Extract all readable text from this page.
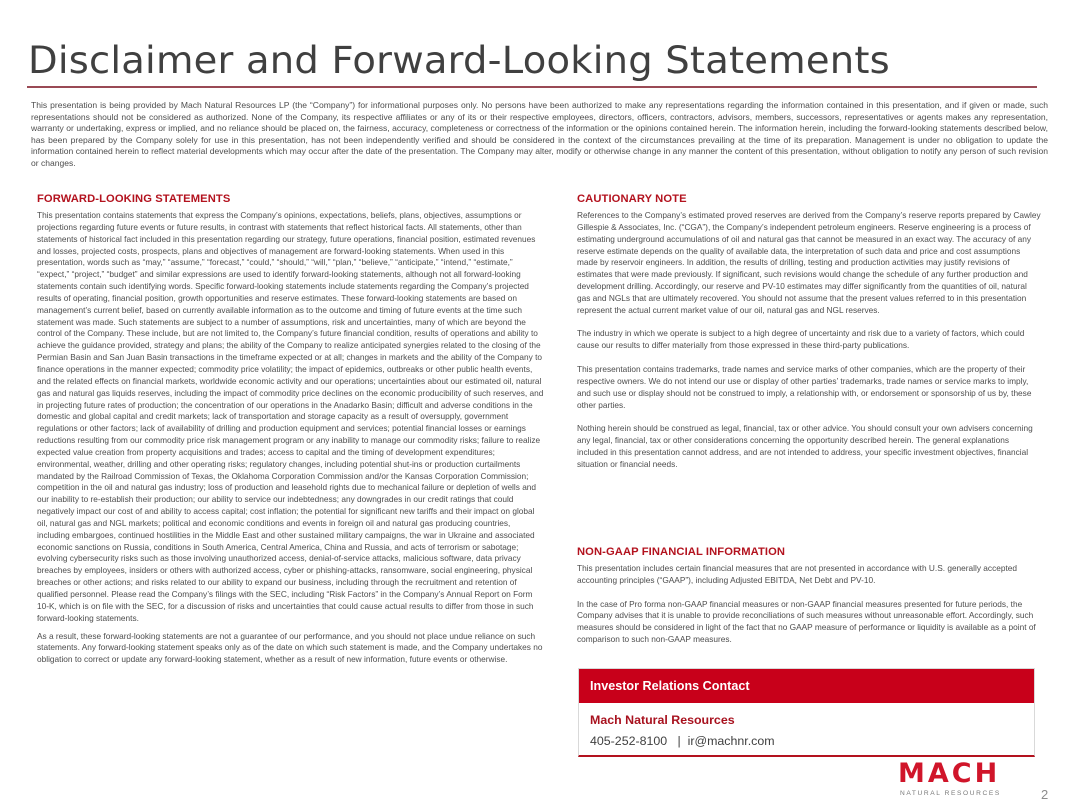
Disclaimer and Forward-Looking Statements

This presentation is being provided by Mach Natural Resources LP (the “Company”) for informational purposes only. No persons have been authorized to make any representations regarding the information contained in this presentation, and if given or made, such representations should not be considered as authorized. None of the Company, its respective affiliates or any of its or their respective employees, directors, officers, contractors, advisors, members, successors, representatives or agents makes any representation, warranty or undertaking, express or implied, and no reliance should be placed on, the fairness, accuracy, completeness or correctness of the information or the opinions contained herein. The information herein, including the forward-looking statements described below, has been prepared by the Company solely for use in this presentation, has not been independently verified and should be considered in the context of the circumstances prevailing at the time of its preparation. Management is under no obligation to update the information contained herein to reflect material developments which may occur after the date of the presentation. The Company may alter, modify or otherwise change in any manner the content of this presentation, without obligation to notify any person of such revision or changes.

FORWARD-LOOKING STATEMENTS

This presentation contains statements that express the Company’s opinions, expectations, beliefs, plans, objectives, assumptions or projections regarding future events or future results, in contrast with statements that reflect historical facts. All statements, other than statements of historical fact included in this presentation regarding our strategy, future operations, financial position, estimated revenues and losses, projected costs, prospects, plans and objectives of management are forward-looking statements. When used in this presentation, words such as “may,” “assume,” “forecast,” “could,” “should,” “will,” “plan,” “believe,” “anticipate,” “intend,” “estimate,” “expect,” “project,” “budget” and similar expressions are used to identify forward-looking statements, although not all forward-looking statements contain such identifying words. Specific forward-looking statements include statements regarding the Company’s projected results of operating, financial position, growth opportunities and reserve estimates. These forward-looking statements are based on management’s current belief, based on currently available information as to the outcome and timing of future events at the time such statement was made. Such statements are subject to a number of assumptions, risk and uncertainties, many of which are beyond the control of the Company. These include, but are not limited to, the Company’s future financial condition, results of operations and ability to achieve the guidance provided, strategy and plans; the ability of the Company to realize anticipated synergies related to the closing of the Permian Basin and San Juan Basin transactions in the timeframe expected or at all; changes in markets and the ability of the Company to finance operations in the manner expected; commodity price volatility; the impact of epidemics, outbreaks or other public health events, and the related effects on financial markets, worldwide economic activity and our operations; uncertainties about our estimated oil, natural gas and natural gas liquids reserves, including the impact of commodity price declines on the economic producibility of such reserves, and in projecting future rates of production; the concentration of our operations in the Anadarko Basin; difficult and adverse conditions in the domestic and global capital and credit markets; lack of transportation and storage capacity as a result of oversupply, government regulations or other factors; lack of availability of drilling and production equipment and services; potential financial losses or earnings reductions resulting from our commodity price risk management program or any inability to manage our commodity risks; failure to realize expected value creation from property acquisitions and trades; access to capital and the timing of development expenditures; environmental, weather, drilling and other operating risks; regulatory changes, including potential shut-ins or production curtailments mandated by the Railroad Commission of Texas, the Oklahoma Corporation Commission and/or the Kansas Corporation Commission; competition in the oil and natural gas industry; loss of production and leasehold rights due to mechanical failure or depletion of wells and our inability to re-establish their production; our ability to service our indebtedness; any downgrades in our credit ratings that could negatively impact our cost of and ability to access capital; cost inflation; the potential for significant new tariffs and their impact on global oil, natural gas and NGL markets; political and economic conditions and events in foreign oil and natural gas producing countries, including embargoes, continued hostilities in the Middle East and other sustained military campaigns, the war in Ukraine and associated economic sanctions on Russia, conditions in South America, Central America, China and Russia, and acts of terrorism or sabotage; evolving cybersecurity risks such as those involving unauthorized access, denial-of-service attacks, malicious software, data privacy breaches by employees, insiders or others with authorized access, cyber or phishing-attacks, ransomware, social engineering, physical breaches or other actions; and risks related to our ability to expand our business, including through the recruitment and retention of qualified personnel. Please read the Company’s filings with the SEC, including “Risk Factors” in the Company’s Annual Report on Form 10-K, which is on file with the SEC, for a discussion of risks and uncertainties that could cause actual results to differ from those in such forward-looking statements.

As a result, these forward-looking statements are not a guarantee of our performance, and you should not place undue reliance on such statements. Any forward-looking statement speaks only as of the date on which such statement is made, and the Company undertakes no obligation to correct or update any forward-looking statement, whether as a result of new information, future events or otherwise.

CAUTIONARY NOTE

References to the Company’s estimated proved reserves are derived from the Company’s reserve reports prepared by Cawley Gillespie & Associates, Inc. (“CGA”), the Company’s independent petroleum engineers. Reserve engineering is a process of estimating underground accumulations of oil and natural gas that cannot be measured in an exact way. The accuracy of any reserve estimate depends on the quality of available data, the interpretation of such data and price and cost assumptions made by reservoir engineers. In addition, the results of drilling, testing and production activities may justify revisions of estimates that were made previously. If significant, such revisions would change the schedule of any further production and development drilling. Accordingly, our reserve and PV-10 estimates may differ significantly from the quantities of oil, natural gas and NGLs that are ultimately recovered. You should not assume that the present values referred to in this presentation represent the actual current market value of our oil, natural gas and NGL reserves.

The industry in which we operate is subject to a high degree of uncertainty and risk due to a variety of factors, which could cause our results to differ materially from those expressed in these third-party publications.

This presentation contains trademarks, trade names and service marks of other companies, which are the property of their respective owners. We do not intend our use or display of other parties’ trademarks, trade names or service marks to imply, and such use or display should not be construed to imply, a relationship with, or endorsement or sponsorship of us by, these other parties.

Nothing herein should be construed as legal, financial, tax or other advice. You should consult your own advisers concerning any legal, financial, tax or other considerations concerning the opportunity described herein. The general explanations included in this presentation cannot address, and are not intended to address, your specific investment objectives, financial situation or financial needs.

NON-GAAP FINANCIAL INFORMATION

This presentation includes certain financial measures that are not presented in accordance with U.S. generally accepted accounting principles (“GAAP”), including Adjusted EBITDA, Net Debt and PV-10.

In the case of Pro forma non-GAAP financial measures or non-GAAP financial measures presented for future periods, the Company advises that it is unable to provide reconciliations of such measures without unreasonable effort. Accordingly, such measures should be considered in light of the fact that no GAAP measure of performance or liquidity is available as a point of comparison to such non-GAAP measures.

Investor Relations Contact
Mach Natural Resources
405-252-8100 | ir@machnr.com
MACH
NATURAL RESOURCES	2
